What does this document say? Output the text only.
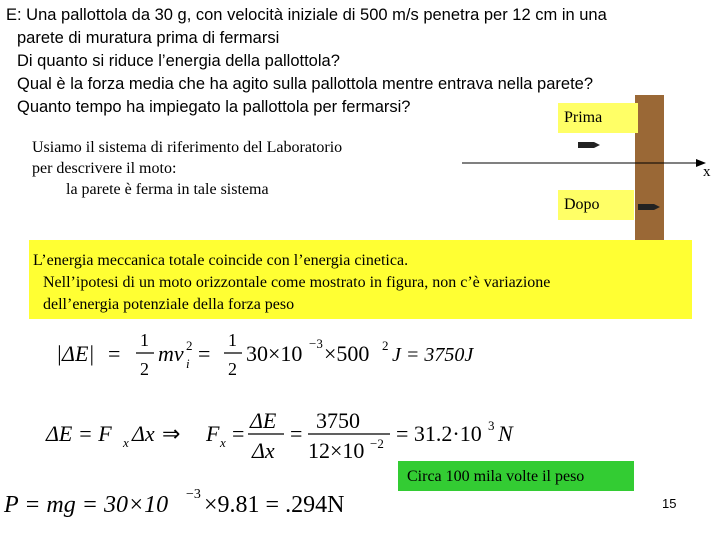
E: Una pallottola da 30 g, con velocità iniziale di 500 m/s penetra per 12 cm in una

parete di muratura prima di fermarsi

Di quanto si riduce l’energia della pallottola?

Qual è la forza media che ha agito sulla pallottola mentre entrava nella parete?

Quanto tempo ha impiegato la pallottola per fermarsi?

Usiamo il sistema di riferimento del Laboratorio

per descrivere il moto:

la parete è ferma in tale sistema

Prima
Dopo
x

L’energia meccanica totale coincide con l’energia cinetica.

Nell’ipotesi di un moto orizzontale come mostrato in figura, non c’è variazione

dell’energia potenziale della forza peso

|ΔE| =
1
2
mv i
2 =
1
2
30×10 −3 ×500 2 J = 3750J
ΔE = F x Δx ⇒ F x =
ΔE
Δx
=
3750
12×10 −2 = 31.2·10 3 N
Circa 100 mila volte il peso
P = mg = 30×10 −3 ×9.81 = .294N	15
